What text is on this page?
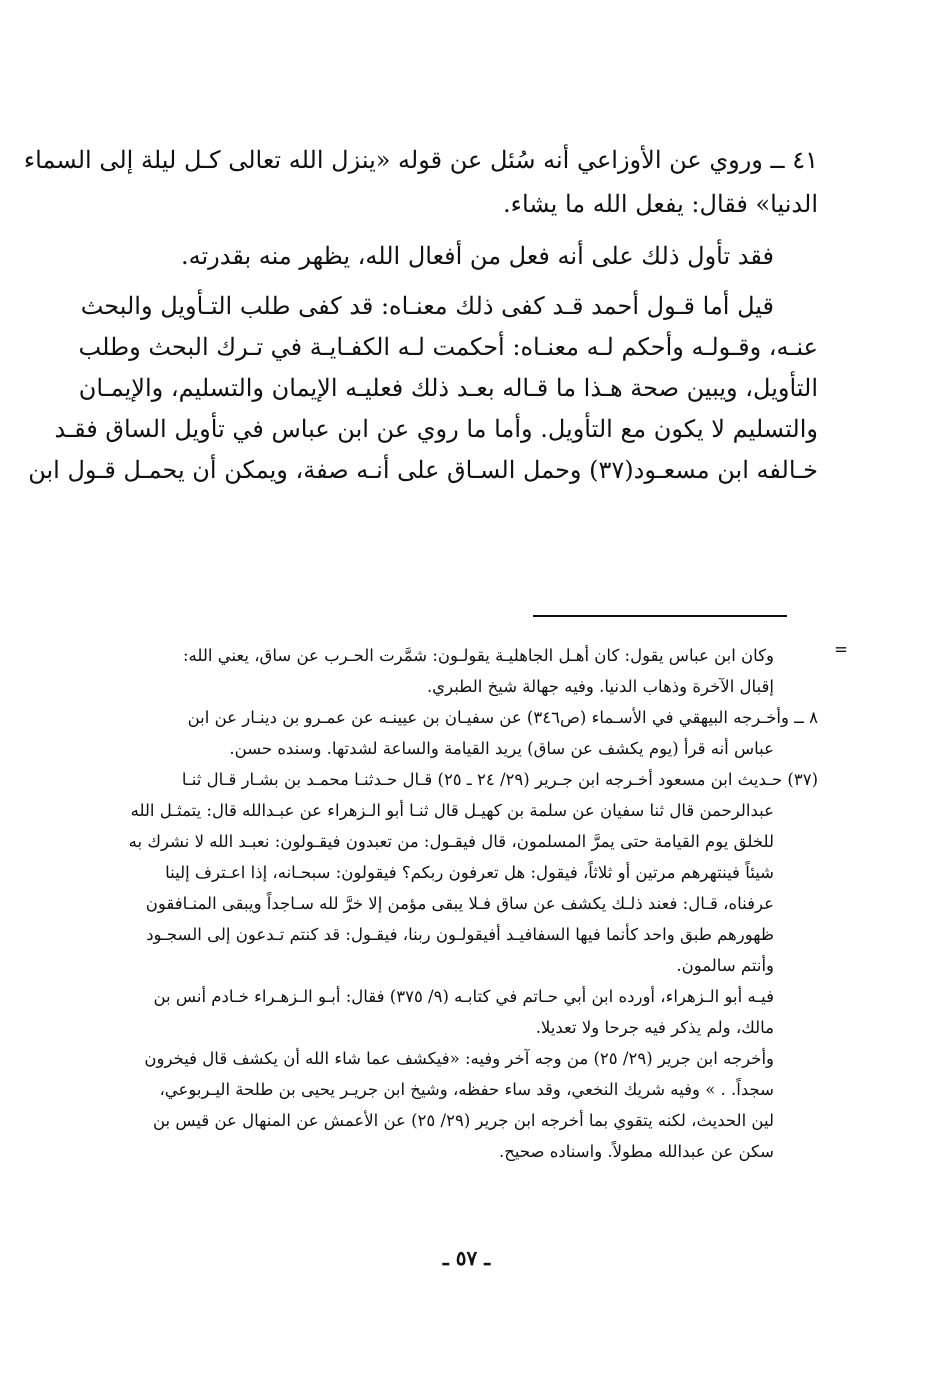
٤١ ــ وروي عن الأوزاعي أنه سُئل عن قوله «ينزل الله تعالى كـل ليلة إلى السماء
الدنيا» فقال: يفعل الله ما يشاء.
فقد تأول ذلك على أنه فعل من أفعال الله، يظهر منه بقدرته.
قيل أما قـول أحمد قـد كفى ذلك معنـاه: قد كفى طلب التـأويل والبحث
عنـه، وقـولـه وأحكم لـه معنـاه: أحكمت لـه الكفـايـة في تـرك البحث وطلب
التأويل، ويبين صحة هـذا ما قـاله بعـد ذلك فعليـه الإيمان والتسليم، والإيمـان
والتسليم لا يكون مع التأويل. وأما ما روي عن ابن عباس في تأويل الساق فقـد
خـالفه ابن مسعـود(٣٧) وحمل السـاق على أنـه صفة، ويمكن أن يحمـل قـول ابن
=
وكان ابن عباس يقول: كان أهـل الجاهليـة يقولـون: شمَّرت الحـرب عن ساق، يعني الله:
إقبال الآخرة وذهاب الدنيا. وفيه جهالة شيخ الطبري.
٨ ــ وأخـرجه البيهقي في الأسـماء (ص٣٤٦) عن سفيـان بن عيينـه عن عمـرو بن دينـار عن ابن
عباس أنه قرأ (يوم يكشف عن ساق) يريد القيامة والساعة لشدتها. وسنده حسن.
(٣٧) حـديث ابن مسعود أخـرجه ابن جـرير (٢٩/ ٢٤ ـ ٢٥) قـال حـدثنـا محمـد بن بشـار قـال ثنـا
عبدالرحمن قال ثنا سفيان عن سلمة بن كهيـل قال ثنـا أبو الـزهراء عن عبـدالله قال: يتمثـل الله
للخلق يوم القيامة حتى يمرَّ المسلمون، قال فيقـول: من تعبدون فيقـولون: نعبـد الله لا نشرك به
شيئاً فينتهرهم مرتين أو ثلاثاً، فيقول: هل تعرفون ربكم؟ فيقولون: سبحـانه، إذا اعـترف إلينا
عرفناه، قـال: فعند ذلـك يكشف عن ساق فـلا يبقى مؤمن إلا خرَّ لله سـاجداً ويبقى المنـافقون
ظهورهم طبق واحد كأنما فيها السفافيـد أفيقولـون ربنا، فيقـول: قد كنتم تـدعون إلى السجـود
وأنتم سالمون.
فيـه أبو الـزهراء، أورده ابن أبي حـاتم في كتابـه (٩/ ٣٧٥) فقال: أبـو الـزهـراء خـادم أنس بن
مالك، ولم يذكر فيه جرحا ولا تعديلا.
وأخرجه ابن جرير (٢٩/ ٢٥) من وجه آخر وفيه: «فيكشف عما شاء الله أن يكشف قال فيخرون
سجداً. . » وفيه شريك النخعي، وقد ساء حفظه، وشيخ ابن جريـر يحيى بن طلحة اليـربوعي،
لين الحديث، لكنه يتقوي بما أخرجه ابن جرير (٢٩/ ٢٥) عن الأعمش عن المنهال عن قيس بن
سكن عن عبدالله مطولاً. واسناده صحيح.
ـ ٥٧ ـ
